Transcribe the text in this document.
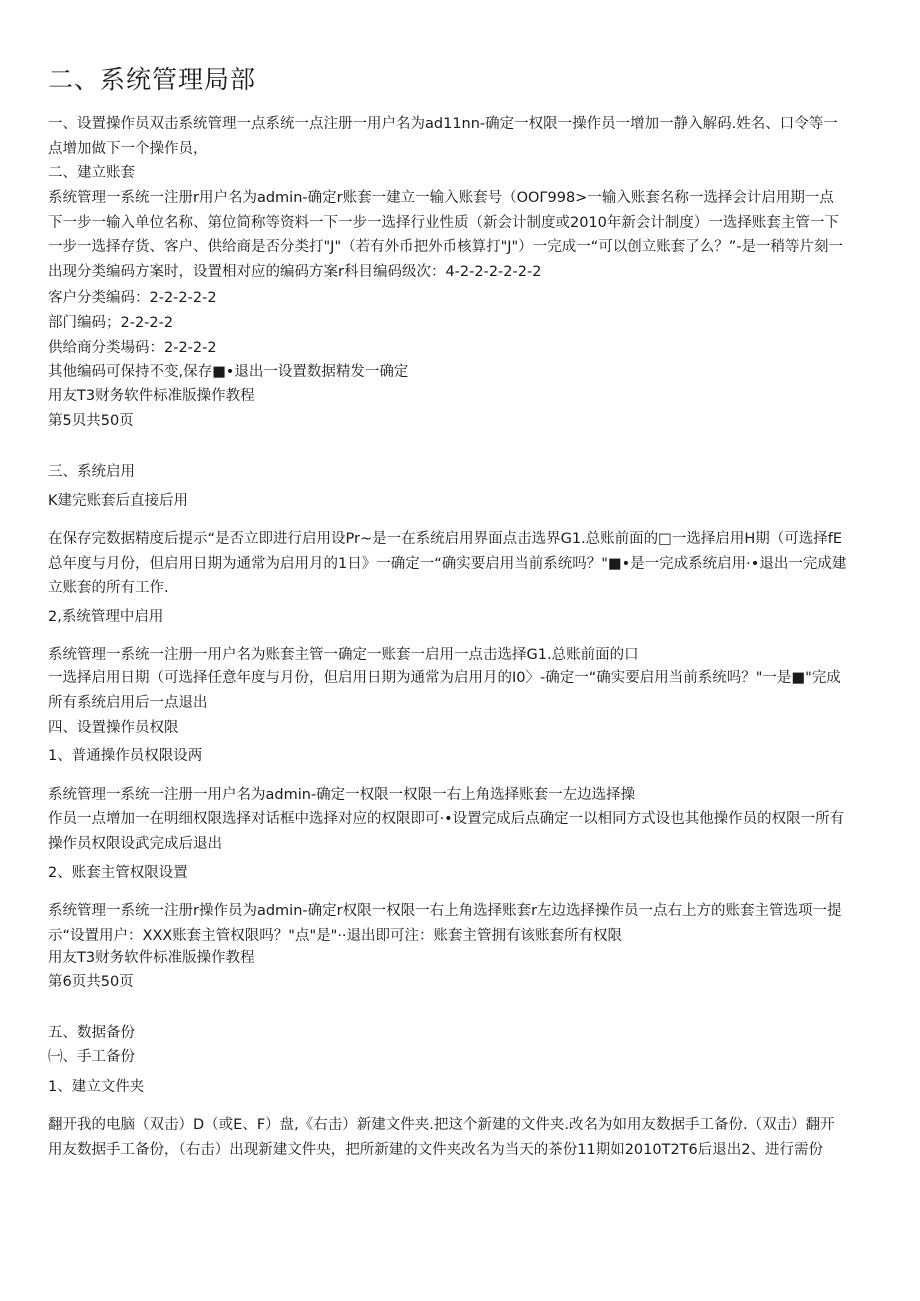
二、系统管理局部

一、设置操作员双击系统管理一点系统一点注册一用户名为ad11nn-确定一权限一操作员一增加一静入解码.姓名、口令等一点增加做下一个操作员，

二、建立账套

系统管理一系统一注册r用户名为admin-确定r账套一建立一输入账套号（OOΓ998>一输入账套名称一选择会计启用期一点下一步一输入单位名称、第位简称等资料一下一步一选择行业性质（新会计制度或2010年新会计制度）一选择账套主管一下一步一选择存货、客户、供给商是否分类打"J"（若有外币把外币核算打"J"）一完成一“可以创立账套了么？”-是一稍等片刻一出现分类编码方案时，设置相对应的编码方案r科目编码级次：4-2-2-2-2-2-2

客户分类编码：2-2-2-2-2

部门编码；2-2-2-2

供给商分类場码：2-2-2-2

其他编码可保持不变,保存■•退出一设置数据精发一确定

用友T3财务软件标准版操作教程

第5贝共50页

三、系统启用

K建完账套后直接后用

在保存完数据精度后提示“是否立即进行启用设Pr~是一在系统启用界面点击选界G1.总账前面的□一选择启用H期（可选择fE总年度与月份，但启用日期为通常为启用月的1日》一确定一“确实要启用当前系统吗？"■•是一完成系统启用·•退出一完成建立账套的所有工作.

2,系统管理中启用

系统管理一系统一注册一用户名为账套主管一确定一账套一启用一点击选择G1.总账前面的口

一选择启用日期（可选择任意年度与月份，但启用日期为通常为启用月的I0〉-确定一“确实要启用当前系统吗？"一是■"完成所有系统启用后一点退出

四、设置操作员权限

1、普通操作员权限设两

系统管理一系统一注册一用户名为admin-确定一权限一权限一右上角选择账套一左边选择操

作员一点增加一在明细权限选择对话框中选择对应的权限即可·•设置完成后点确定一以相同方式设也其他操作员的权限一所有操作员权限设武完成后退出

2、账套主管权限设置

系统管理一系统一注册r操作员为admin-确定r权限一权限一右上角选择账套r左边选择操作员一点右上方的账套主管选项一提示“设置用户：XXX账套主管权限吗？"点"是"··退出即可注：账套主管拥有该账套所有权限

用友T3财务软件标准版操作教程

第6页共50页

五、数据备份

㈠、手工备份

1、建立文件夹

翻开我的电脑（双击）D（或E、F）盘,《右击）新建文件夹.把这个新建的文件夹.改名为如用友数据手工备份.（双击）翻开用友数据手工备份，（右击）出现新建文件央，把所新建的文件夹改名为当天的茶份11期如2010T2T6后退出2、进行需份
